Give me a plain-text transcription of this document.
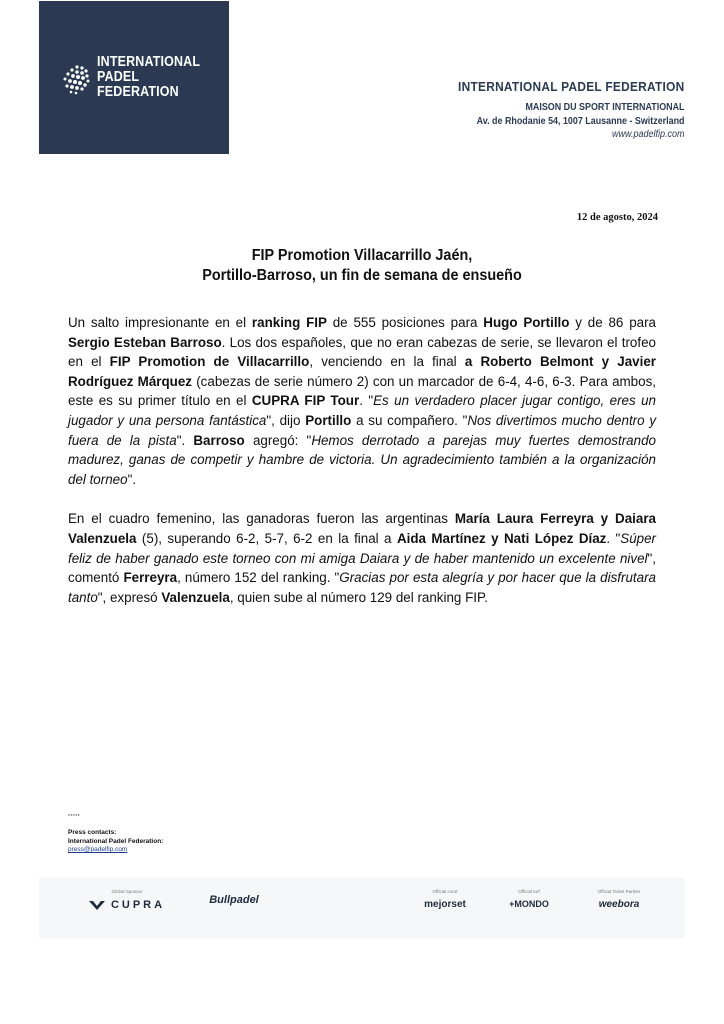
INTERNATIONAL
PADEL
FEDERATION	INTERNATIONAL PADEL FEDERATION
MAISON DU SPORT INTERNATIONAL
Av. de Rhodanie 54, 1007 Lausanne - Switzerland
www.padelfip.com
12 de agosto, 2024
FIP Promotion Villacarrillo Jaén,
Portillo-Barroso, un fin de semana de ensueño

Un salto impresionante en el ranking FIP de 555 posiciones para Hugo Portillo y de 86 para Sergio Esteban Barroso. Los dos españoles, que no eran cabezas de serie, se llevaron el trofeo en el FIP Promotion de Villacarrillo, venciendo en la final a Roberto Belmont y Javier Rodríguez Márquez (cabezas de serie número 2) con un marcador de 6-4, 4-6, 6-3. Para ambos, este es su primer título en el CUPRA FIP Tour. "Es un verdadero placer jugar contigo, eres un jugador y una persona fantástica", dijo Portillo a su compañero. "Nos divertimos mucho dentro y fuera de la pista". Barroso agregó: "Hemos derrotado a parejas muy fuertes demostrando madurez, ganas de competir y hambre de victoria. Un agradecimiento también a la organización del torneo".

En el cuadro femenino, las ganadoras fueron las argentinas María Laura Ferreyra y Daiara Valenzuela (5), superando 6-2, 5-7, 6-2 en la final a Aida Martínez y Nati López Díaz. "Súper feliz de haber ganado este torneo con mi amiga Daiara y de haber mantenido un excelente nivel", comentó Ferreyra, número 152 del ranking. "Gracias por esta alegría y por hacer que la disfrutara tanto", expresó Valenzuela, quien sube al número 129 del ranking FIP.

*****
Press contacts:
International Padel Federation:
press@padelfip.com
Global Sponsor
CUPRA	Bullpadel
Official court
mejorset
Official turf
+MONDO
Official Ticket Partner
weebora
